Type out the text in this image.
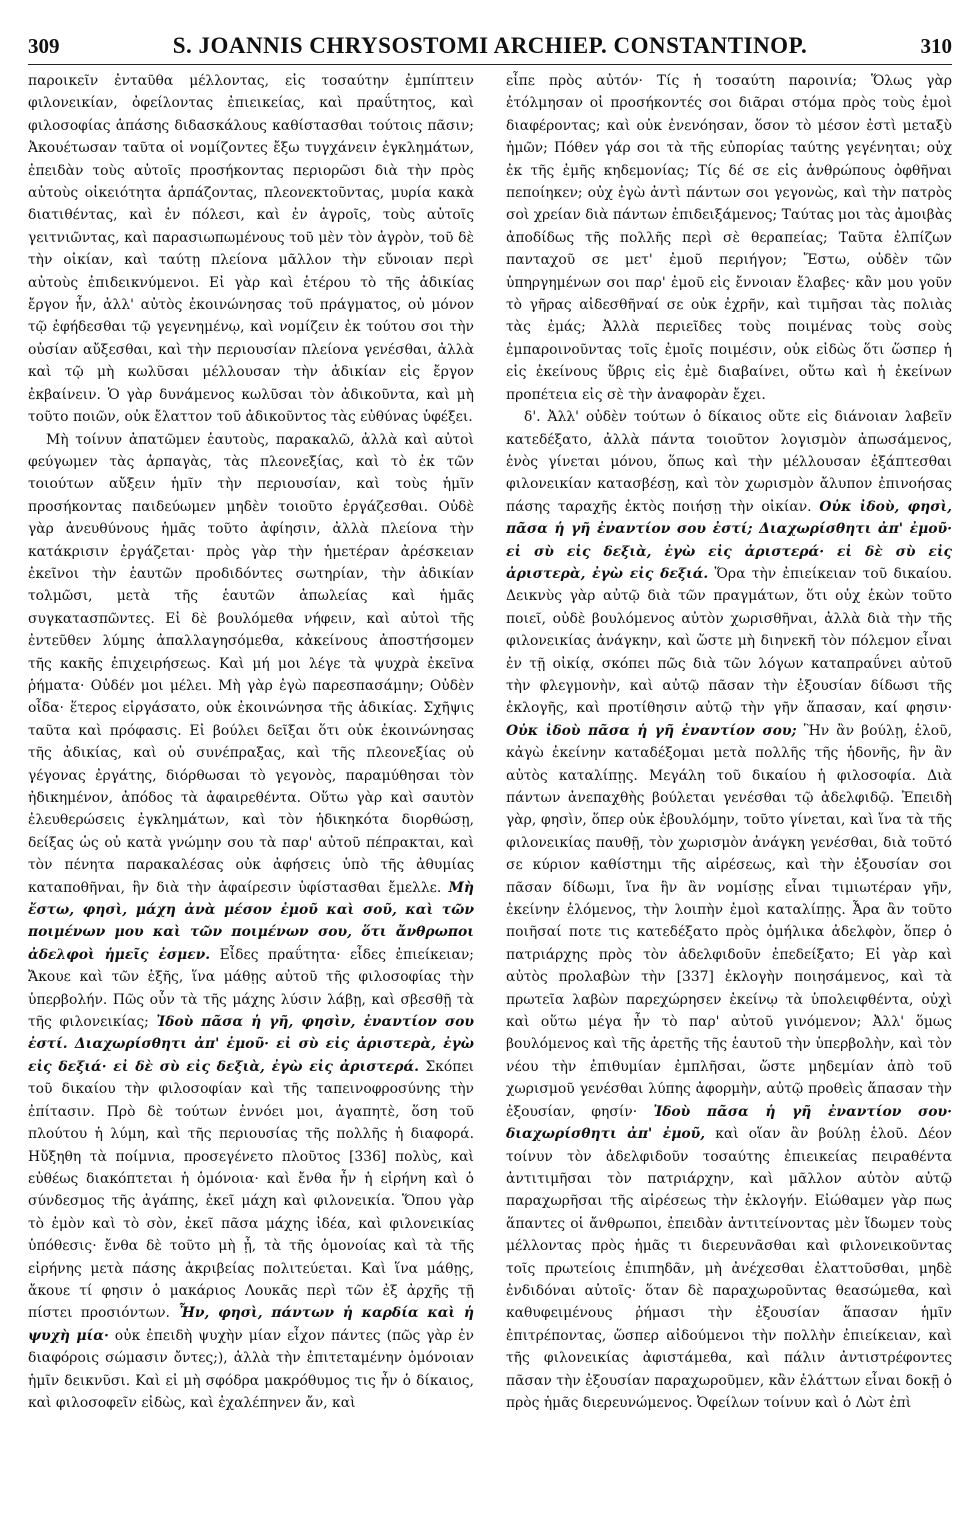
309	S. JOANNIS CHRYSOSTOMI ARCHIEP. CONSTANTINOP.	310

παροικεῖν ἐνταῦθα μέλλοντας, εἰς τοσαύτην ἐμπίπτειν φιλονεικίαν, ὀφείλοντας ἐπιεικείας, καὶ πραΰτητος, καὶ φιλοσοφίας ἁπάσης διδασκάλους καθίστασθαι τούτοις πᾶσιν; Ἀκουέτωσαν ταῦτα οἱ νομίζοντες ἔξω τυγχάνειν ἐγκλημάτων, ἐπειδὰν τοὺς αὐτοῖς προσήκοντας περιορῶσι διὰ τὴν πρὸς αὐτοὺς οἰκειότητα ἁρπάζοντας, πλεονεκτοῦντας, μυρία κακὰ διατιθέντας, καὶ ἐν πόλεσι, καὶ ἐν ἀγροῖς, τοὺς αὐτοῖς γειτνιῶντας, καὶ παρασιωπωμένους τοῦ μὲν τὸν ἀγρὸν, τοῦ δὲ τὴν οἰκίαν, καὶ ταύτῃ πλείονα μᾶλλον τὴν εὔνοιαν περὶ αὐτοὺς ἐπιδεικνύμενοι. Εἰ γὰρ καὶ ἑτέρου τὸ τῆς ἀδικίας ἔργον ἦν, ἀλλ' αὐτὸς ἐκοινώνησας τοῦ πράγματος, οὐ μόνον τῷ ἐφήδεσθαι τῷ γεγενημένῳ, καὶ νομίζειν ἐκ τούτου σοι τὴν οὐσίαν αὔξεσθαι, καὶ τὴν περιουσίαν πλείονα γενέσθαι, ἀλλὰ καὶ τῷ μὴ κωλῦσαι μέλλουσαν τὴν ἀδικίαν εἰς ἔργον ἐκβαίνειν. Ὁ γὰρ δυνάμενος κωλῦσαι τὸν ἀδικοῦντα, καὶ μὴ τοῦτο ποιῶν, οὐκ ἔλαττον τοῦ ἀδικοῦντος τὰς εὐθύνας ὑφέξει.

Μὴ τοίνυν ἀπατῶμεν ἑαυτοὺς, παρακαλῶ, ἀλλὰ καὶ αὐτοὶ φεύγωμεν τὰς ἁρπαγὰς, τὰς πλεονεξίας, καὶ τὸ ἐκ τῶν τοιούτων αὔξειν ἡμῖν τὴν περιουσίαν, καὶ τοὺς ἡμῖν προσήκοντας παιδεύωμεν μηδὲν τοιοῦτο ἐργάζεσθαι. Οὐδὲ γὰρ ἀνευθύνους ἡμᾶς τοῦτο ἀφίησιν, ἀλλὰ πλείονα τὴν κατάκρισιν ἐργάζεται· πρὸς γὰρ τὴν ἡμετέραν ἀρέσκειαν ἐκεῖνοι τὴν ἑαυτῶν προδιδόντες σωτηρίαν, τὴν ἀδικίαν τολμῶσι, μετὰ τῆς ἑαυτῶν ἀπωλείας καὶ ἡμᾶς συγκατασπῶντες. Εἰ δὲ βουλόμεθα νήφειν, καὶ αὐτοὶ τῆς ἐντεῦθεν λύμης ἀπαλλαγησόμεθα, κἀκείνους ἀποστήσομεν τῆς κακῆς ἐπιχειρήσεως. Καὶ μή μοι λέγε τὰ ψυχρὰ ἐκεῖνα ῥήματα· Οὐδέν μοι μέλει. Μὴ γὰρ ἐγὼ παρεσπασάμην; Οὐδὲν οἶδα· ἕτερος εἰργάσατο, οὐκ ἐκοινώνησα τῆς ἀδικίας. Σχῆψις ταῦτα καὶ πρόφασις. Εἰ βούλει δεῖξαι ὅτι οὐκ ἐκοινώνησας τῆς ἀδικίας, καὶ οὐ συνέπραξας, καὶ τῆς πλεονεξίας οὐ γέγονας ἐργάτης, διόρθωσαι τὸ γεγονὸς, παραμύθησαι τὸν ἠδικημένον, ἀπόδος τὰ ἀφαιρεθέντα. Οὕτω γὰρ καὶ σαυτὸν ἐλευθερώσεις ἐγκλημάτων, καὶ τὸν ἡδικηκότα διορθώσῃ, δείξας ὡς οὐ κατὰ γνώμην σου τὰ παρ' αὐτοῦ πέπρακται, καὶ τὸν πένητα παρακαλέσας οὐκ ἀφήσεις ὑπὸ τῆς ἀθυμίας καταποθῆναι, ἣν διὰ τὴν ἀφαίρεσιν ὑφίστασθαι ἔμελλε. Μὴ ἔστω, φησὶ, μάχη ἀνὰ μέσον ἐμοῦ καὶ σοῦ, καὶ τῶν ποιμένων μου καὶ τῶν ποιμένων σου, ὅτι ἄνθρωποι ἀδελφοὶ ἡμεῖς ἐσμεν. Εἶδες πραΰτητα· εἶδες ἐπιείκειαν; Ἄκουε καὶ τῶν ἑξῆς, ἵνα μάθῃς αὐτοῦ τῆς φιλοσοφίας τὴν ὑπερβολήν. Πῶς οὖν τὰ τῆς μάχης λύσιν λάβῃ, καὶ σβεσθῇ τὰ τῆς φιλονεικίας; Ἰδοὺ πᾶσα ἡ γῆ, φησὶν, ἐναντίον σου ἐστί. Διαχωρίσθητι ἀπ' ἐμοῦ· εἰ σὺ εἰς ἀριστερὰ, ἐγὼ εἰς δεξιά· εἰ δὲ σὺ εἰς δεξιὰ, ἐγὼ εἰς ἀριστερά. Σκόπει τοῦ δικαίου τὴν φιλοσοφίαν καὶ τῆς ταπεινοφροσύνης τὴν ἐπίτασιν. Πρὸ δὲ τούτων ἐννόει μοι, ἀγαπητὲ, ὅση τοῦ πλούτου ἡ λύμη, καὶ τῆς περιουσίας τῆς πολλῆς ἡ διαφορά. Ηὔξηθη τὰ ποίμνια, προσεγένετο πλοῦτος [336] πολὺς, καὶ εὐθέως διακόπτεται ἡ ὁμόνοια· καὶ ἔνθα ἦν ἡ εἰρήνη καὶ ὁ σύνδεσμος τῆς ἀγάπης, ἐκεῖ μάχη καὶ φιλονεικία. Ὅπου γὰρ τὸ ἐμὸν καὶ τὸ σὸν, ἐκεῖ πᾶσα μάχης ἰδέα, καὶ φιλονεικίας ὑπόθεσις· ἔνθα δὲ τοῦτο μὴ ᾖ, τὰ τῆς ὁμονοίας καὶ τὰ τῆς εἰρήνης μετὰ πάσης ἀκριβείας πολιτεύεται. Καὶ ἵνα μάθῃς, ἄκουε τί φησιν ὁ μακάριος Λουκᾶς περὶ τῶν ἐξ ἀρχῆς τῇ πίστει προσιόντων. Ἦν, φησὶ, πάντων ἡ καρδία καὶ ἡ ψυχὴ μία· οὐκ ἐπειδὴ ψυχὴν μίαν εἶχον πάντες (πῶς γὰρ ἐν διαφόροις σώμασιν ὄντες;), ἀλλὰ τὴν ἐπιτεταμένην ὁμόνοιαν ἡμῖν δεικνῦσι. Καὶ εἰ μὴ σφόδρα μακρόθυμος τις ἦν ὁ δίκαιος, καὶ φιλοσοφεῖν εἰδὼς, καὶ ἐχαλέπηνεν ἄν, καὶ

εἶπε πρὸς αὐτόν· Τίς ἡ τοσαύτη παροινία; Ὅλως γὰρ ἐτόλμησαν οἱ προσήκοντές σοι διᾶραι στόμα πρὸς τοὺς ἐμοὶ διαφέροντας; καὶ οὐκ ἐνενόησαν, ὅσον τὸ μέσον ἐστὶ μεταξὺ ἡμῶν; Πόθεν γάρ σοι τὰ τῆς εὐπορίας ταύτης γεγένηται; οὐχ ἐκ τῆς ἐμῆς κηδεμονίας; Τίς δέ σε εἰς ἀνθρώπους ὀφθῆναι πεποίηκεν; οὐχ ἐγὼ ἀντὶ πάντων σοι γεγονὼς, καὶ τὴν πατρὸς σοὶ χρείαν διὰ πάντων ἐπιδειξάμενος; Ταύτας μοι τὰς ἀμοιβὰς ἀποδίδως τῆς πολλῆς περὶ σὲ θεραπείας; Ταῦτα ἐλπίζων πανταχοῦ σε μετ' ἐμοῦ περιήγον; Ἔστω, οὐδὲν τῶν ὑπηργημένων σοι παρ' ἐμοῦ εἰς ἔννοιαν ἔλαβες· κἂν μου γοῦν τὸ γῆρας αἰδεσθῆναί σε οὐκ ἐχρῆν, καὶ τιμῆσαι τὰς πολιὰς τὰς ἐμάς; Ἀλλὰ περιεῖδες τοὺς ποιμένας τοὺς σοὺς ἐμπαροινοῦντας τοῖς ἐμοῖς ποιμέσιν, οὐκ εἰδὼς ὅτι ὥσπερ ἡ εἰς ἐκείνους ὕβρις εἰς ἐμὲ διαβαίνει, οὕτω καὶ ἡ ἐκείνων προπέτεια εἰς σὲ τὴν ἀναφορὰν ἔχει.

δ'. Ἀλλ' οὐδὲν τούτων ὁ δίκαιος οὔτε εἰς διάνοιαν λαβεῖν κατεδέξατο, ἀλλὰ πάντα τοιοῦτον λογισμὸν ἀπωσάμενος, ἑνὸς γίνεται μόνου, ὅπως καὶ τὴν μέλλουσαν ἐξάπτεσθαι φιλονεικίαν κατασβέσῃ, καὶ τὸν χωρισμὸν ἄλυπον ἐπινοήσας πάσης ταραχῆς ἐκτὸς ποιήσῃ τὴν οἰκίαν. Οὐκ ἰδοὺ, φησὶ, πᾶσα ἡ γῆ ἐναντίον σου ἐστί; Διαχωρίσθητι ἀπ' ἐμοῦ· εἰ σὺ εἰς δεξιὰ, ἐγὼ εἰς ἀριστερά· εἰ δὲ σὺ εἰς ἀριστερὰ, ἐγὼ εἰς δεξιά. Ὅρα τὴν ἐπιείκειαν τοῦ δικαίου. Δεικνὺς γὰρ αὐτῷ διὰ τῶν πραγμάτων, ὅτι οὐχ ἑκὼν τοῦτο ποιεῖ, οὐδὲ βουλόμενος αὐτὸν χωρισθῆναι, ἀλλὰ διὰ τὴν τῆς φιλονεικίας ἀνάγκην, καὶ ὥστε μὴ διηνεκῆ τὸν πόλεμον εἶναι ἐν τῇ οἰκίᾳ, σκόπει πῶς διὰ τῶν λόγων καταπραΰνει αὐτοῦ τὴν φλεγμονὴν, καὶ αὐτῷ πᾶσαν τὴν ἐξουσίαν δίδωσι τῆς ἐκλογῆς, καὶ προτίθησιν αὐτῷ τὴν γῆν ἅπασαν, καί φησιν· Οὐκ ἰδοὺ πᾶσα ἡ γῆ ἐναντίον σου; Ἣν ἂν βούλῃ, ἑλοῦ, κἀγὼ ἐκείνην καταδέξομαι μετὰ πολλῆς τῆς ἡδονῆς, ἣν ἂν αὐτὸς καταλίπῃς. Μεγάλη τοῦ δικαίου ἡ φιλοσοφία. Διὰ πάντων ἀνεπαχθὴς βούλεται γενέσθαι τῷ ἀδελφιδῷ. Ἐπειδὴ γὰρ, φησὶν, ὅπερ οὐκ ἐβουλόμην, τοῦτο γίνεται, καὶ ἵνα τὰ τῆς φιλονεικίας παυθῇ, τὸν χωρισμὸν ἀνάγκη γενέσθαι, διὰ τοῦτό σε κύριον καθίστημι τῆς αἱρέσεως, καὶ τὴν ἐξουσίαν σοι πᾶσαν δίδωμι, ἵνα ἣν ἂν νομίσῃς εἶναι τιμιωτέραν γῆν, ἐκείνην ἑλόμενος, τὴν λοιπὴν ἐμοὶ καταλίπῃς. Ἆρα ἂν τοῦτο ποιῆσαί ποτε τις κατεδέξατο πρὸς ὁμήλικα ἀδελφὸν, ὅπερ ὁ πατριάρχης πρὸς τὸν ἀδελφιδοῦν ἐπεδείξατο; Εἰ γὰρ καὶ αὐτὸς προλαβὼν τὴν [337] ἐκλογὴν ποιησάμενος, καὶ τὰ πρωτεῖα λαβὼν παρεχώρησεν ἐκείνῳ τὰ ὑπολειφθέντα, οὐχὶ καὶ οὕτω μέγα ἦν τὸ παρ' αὐτοῦ γινόμενον; Ἀλλ' ὅμως βουλόμενος καὶ τῆς ἀρετῆς τῆς ἑαυτοῦ τὴν ὑπερβολὴν, καὶ τὸν νέου τὴν ἐπιθυμίαν ἐμπλῆσαι, ὥστε μηδεμίαν ἀπὸ τοῦ χωρισμοῦ γενέσθαι λύπης ἀφορμὴν, αὐτῷ προθεὶς ἅπασαν τὴν ἐξουσίαν, φησίν· Ἰδοὺ πᾶσα ἡ γῆ ἐναντίον σου· διαχωρίσθητι ἀπ' ἐμοῦ, καὶ οἵαν ἂν βούλῃ ἑλοῦ. Δέον τοίνυν τὸν ἀδελφιδοῦν τοσαύτης ἐπιεικείας πειραθέντα ἀντιτιμῆσαι τὸν πατριάρχην, καὶ μᾶλλον αὐτὸν αὐτῷ παραχωρῆσαι τῆς αἱρέσεως τὴν ἐκλογήν. Εἰώθαμεν γὰρ πως ἅπαντες οἱ ἄνθρωποι, ἐπειδὰν ἀντιτείνοντας μὲν ἴδωμεν τοὺς μέλλοντας πρὸς ἡμᾶς τι διερευνᾶσθαι καὶ φιλονεικοῦντας τοῖς πρωτείοις ἐπιπηδᾶν, μὴ ἀνέχεσθαι ἐλαττοῦσθαι, μηδὲ ἐνδιδόναι αὐτοῖς· ὅταν δὲ παραχωροῦντας θεασώμεθα, καὶ καθυφειμένους ῥήμασι τὴν ἐξουσίαν ἅπασαν ἡμῖν ἐπιτρέποντας, ὥσπερ αἰδούμενοι τὴν πολλὴν ἐπιείκειαν, καὶ τῆς φιλονεικίας ἀφιστάμεθα, καὶ πάλιν ἀντιστρέφοντες πᾶσαν τὴν ἐξουσίαν παραχωροῦμεν, κἂν ἐλάττων εἶναι δοκῇ ὁ πρὸς ἡμᾶς διερευνώμενος. Ὀφείλων τοίνυν καὶ ὁ Λὼτ ἐπὶ
